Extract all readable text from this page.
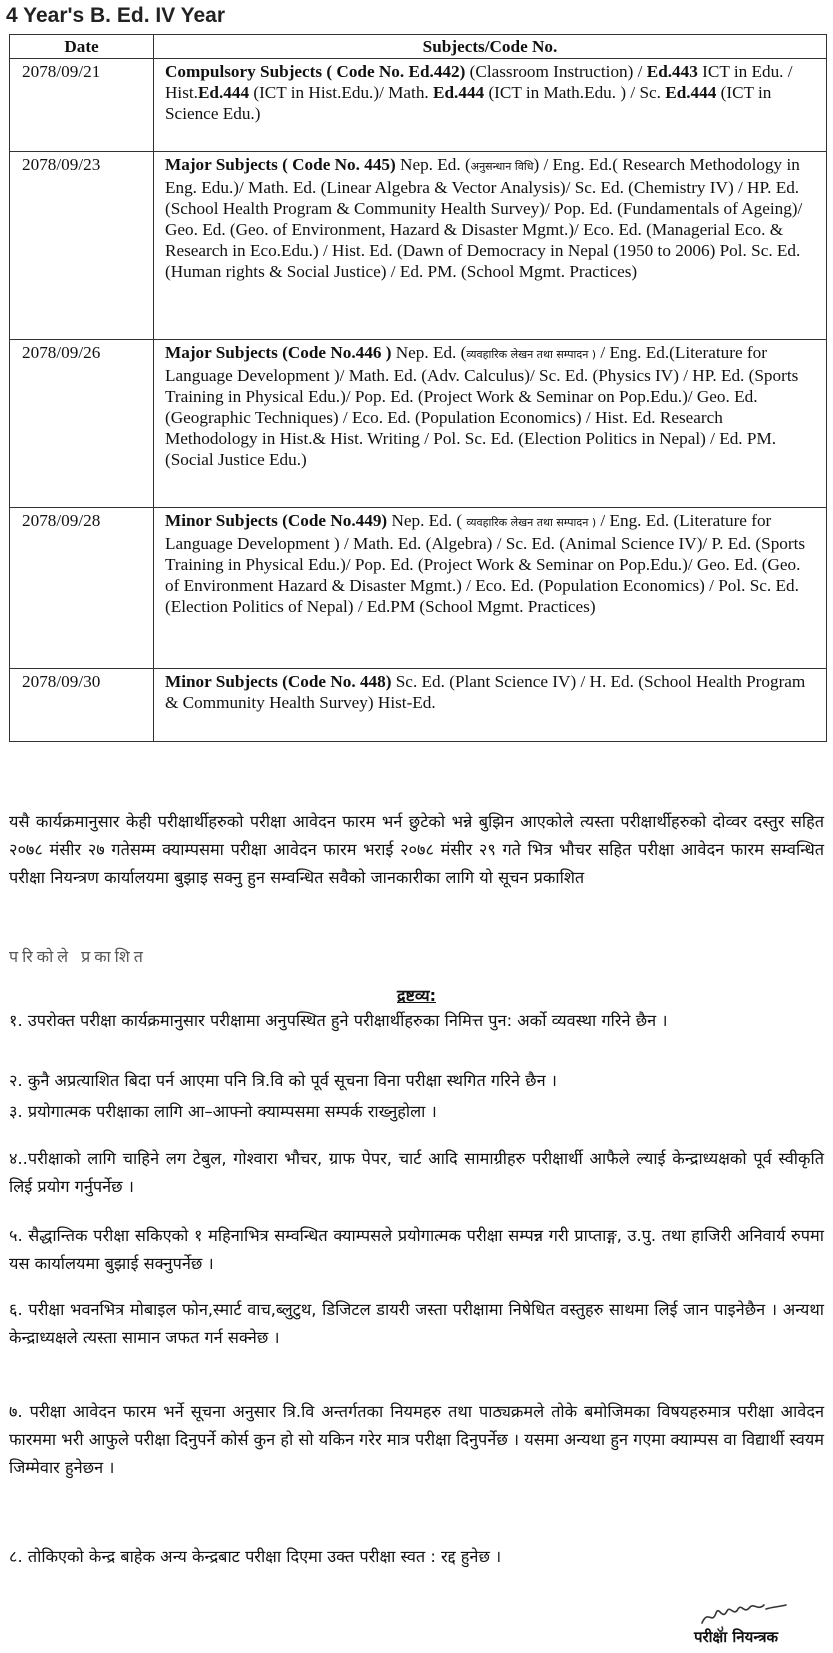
4 Year's B. Ed. IV Year
Date	Subjects/Code No.
2078/09/21	Compulsory Subjects ( Code No. Ed.442) (Classroom Instruction) / Ed.443 ICT in Edu. / Hist.Ed.444 (ICT in Hist.Edu.)/ Math. Ed.444 (ICT in Math.Edu. ) / Sc. Ed.444 (ICT in Science Edu.)
2078/09/23	Major Subjects ( Code No. 445) Nep. Ed. (अनुसन्धान विधि) / Eng. Ed.( Research Methodology in Eng. Edu.)/ Math. Ed. (Linear Algebra & Vector Analysis)/ Sc. Ed. (Chemistry IV) / HP. Ed. (School Health Program & Community Health Survey)/ Pop. Ed. (Fundamentals of Ageing)/ Geo. Ed. (Geo. of Environment, Hazard & Disaster Mgmt.)/ Eco. Ed. (Managerial Eco. & Research in Eco.Edu.) / Hist. Ed. (Dawn of Democracy in Nepal (1950 to 2006) Pol. Sc. Ed. (Human rights & Social Justice) / Ed. PM. (School Mgmt. Practices)
2078/09/26	Major Subjects (Code No.446 ) Nep. Ed. (व्यवहारिक लेखन तथा सम्पादन ) / Eng. Ed.(Literature for Language Development )/ Math. Ed. (Adv. Calculus)/ Sc. Ed. (Physics IV) / HP. Ed. (Sports Training in Physical Edu.)/ Pop. Ed. (Project Work & Seminar on Pop.Edu.)/ Geo. Ed. (Geographic Techniques) / Eco. Ed. (Population Economics) / Hist. Ed. Research Methodology in Hist.& Hist. Writing / Pol. Sc. Ed. (Election Politics in Nepal) / Ed. PM. (Social Justice Edu.)
2078/09/28	Minor Subjects (Code No.449) Nep. Ed. ( व्यवहारिक लेखन तथा सम्पादन ) / Eng. Ed. (Literature for Language Development ) / Math. Ed. (Algebra) / Sc. Ed. (Animal Science IV)/ P. Ed. (Sports Training in Physical Edu.)/ Pop. Ed. (Project Work & Seminar on Pop.Edu.)/ Geo. Ed. (Geo. of Environment Hazard & Disaster Mgmt.) / Eco. Ed. (Population Economics) / Pol. Sc. Ed. (Election Politics of Nepal) / Ed.PM (School Mgmt. Practices)
2078/09/30	Minor Subjects (Code No. 448) Sc. Ed. (Plant Science IV) / H. Ed. (School Health Program & Community Health Survey) Hist-Ed.
यसै कार्यक्रमानुसार केही परीक्षार्थीहरुको परीक्षा आवेदन फारम भर्न छुटेको भन्ने बुझिन आएकोले त्यस्ता परीक्षार्थीहरुको दोव्वर दस्तुर सहित २०७८ मंसीर २७ गतेसम्म क्याम्पसमा परीक्षा आवेदन फारम भराई २०७८ मंसीर २९ गते भित्र भौचर सहित परीक्षा आवेदन फारम सम्वन्धित परीक्षा नियन्त्रण कार्यालयमा बुझाइ सक्नु हुन सम्वन्धित सवैको जानकारीका लागि यो सूचन प्रकाशित
परिकोले प्रकाशित
द्रष्टव्य:
१. उपरोक्त परीक्षा कार्यक्रमानुसार परीक्षामा अनुपस्थित हुने परीक्षार्थीहरुका निमित्त पुन: अर्को व्यवस्था गरिने छैन ।
२. कुनै अप्रत्याशित बिदा पर्न आएमा पनि त्रि.वि को पूर्व सूचना विना परीक्षा स्थगित गरिने छैन ।
३. प्रयोगात्मक परीक्षाका लागि आ–आफ्नो क्याम्पसमा सम्पर्क राख्नुहोला ।
४..परीक्षाको लागि चाहिने लग टेबुल, गोश्वारा भौचर, ग्राफ पेपर, चार्ट आदि सामाग्रीहरु परीक्षार्थी आफैले ल्याई केन्द्राध्यक्षको पूर्व स्वीकृति लिई प्रयोग गर्नुपर्नेछ ।
५. सैद्धान्तिक परीक्षा सकिएको १ महिनाभित्र सम्वन्धित क्याम्पसले प्रयोगात्मक परीक्षा सम्पन्न गरी प्राप्ताङ्ग, उ.पु. तथा हाजिरी अनिवार्य रुपमा यस कार्यालयमा बुझाई सक्नुपर्नेछ ।
६. परीक्षा भवनभित्र मोबाइल फोन,स्मार्ट वाच,ब्लुटुथ, डिजिटल डायरी जस्ता परीक्षामा निषेधित वस्तुहरु साथमा लिई जान पाइनेछैन । अन्यथा केन्द्राध्यक्षले त्यस्ता सामान जफत गर्न सक्नेछ ।
७. परीक्षा आवेदन फारम भर्ने सूचना अनुसार त्रि.वि अन्तर्गतका नियमहरु तथा पाठ्यक्रमले तोके बमोजिमका विषयहरुमात्र परीक्षा आवेदन फारममा भरी आफुले परीक्षा दिनुपर्ने कोर्स कुन हो सो यकिन गरेर मात्र परीक्षा दिनुपर्नेछ । यसमा अन्यथा हुन गएमा क्याम्पस वा विद्यार्थी स्वयम जिम्मेवार हुनेछन ।
८. तोकिएको केन्द्र बाहेक अन्य केन्द्रबाट परीक्षा दिएमा उक्त परीक्षा स्वत : रद्द हुनेछ ।
परीक्षा नियन्त्रक
